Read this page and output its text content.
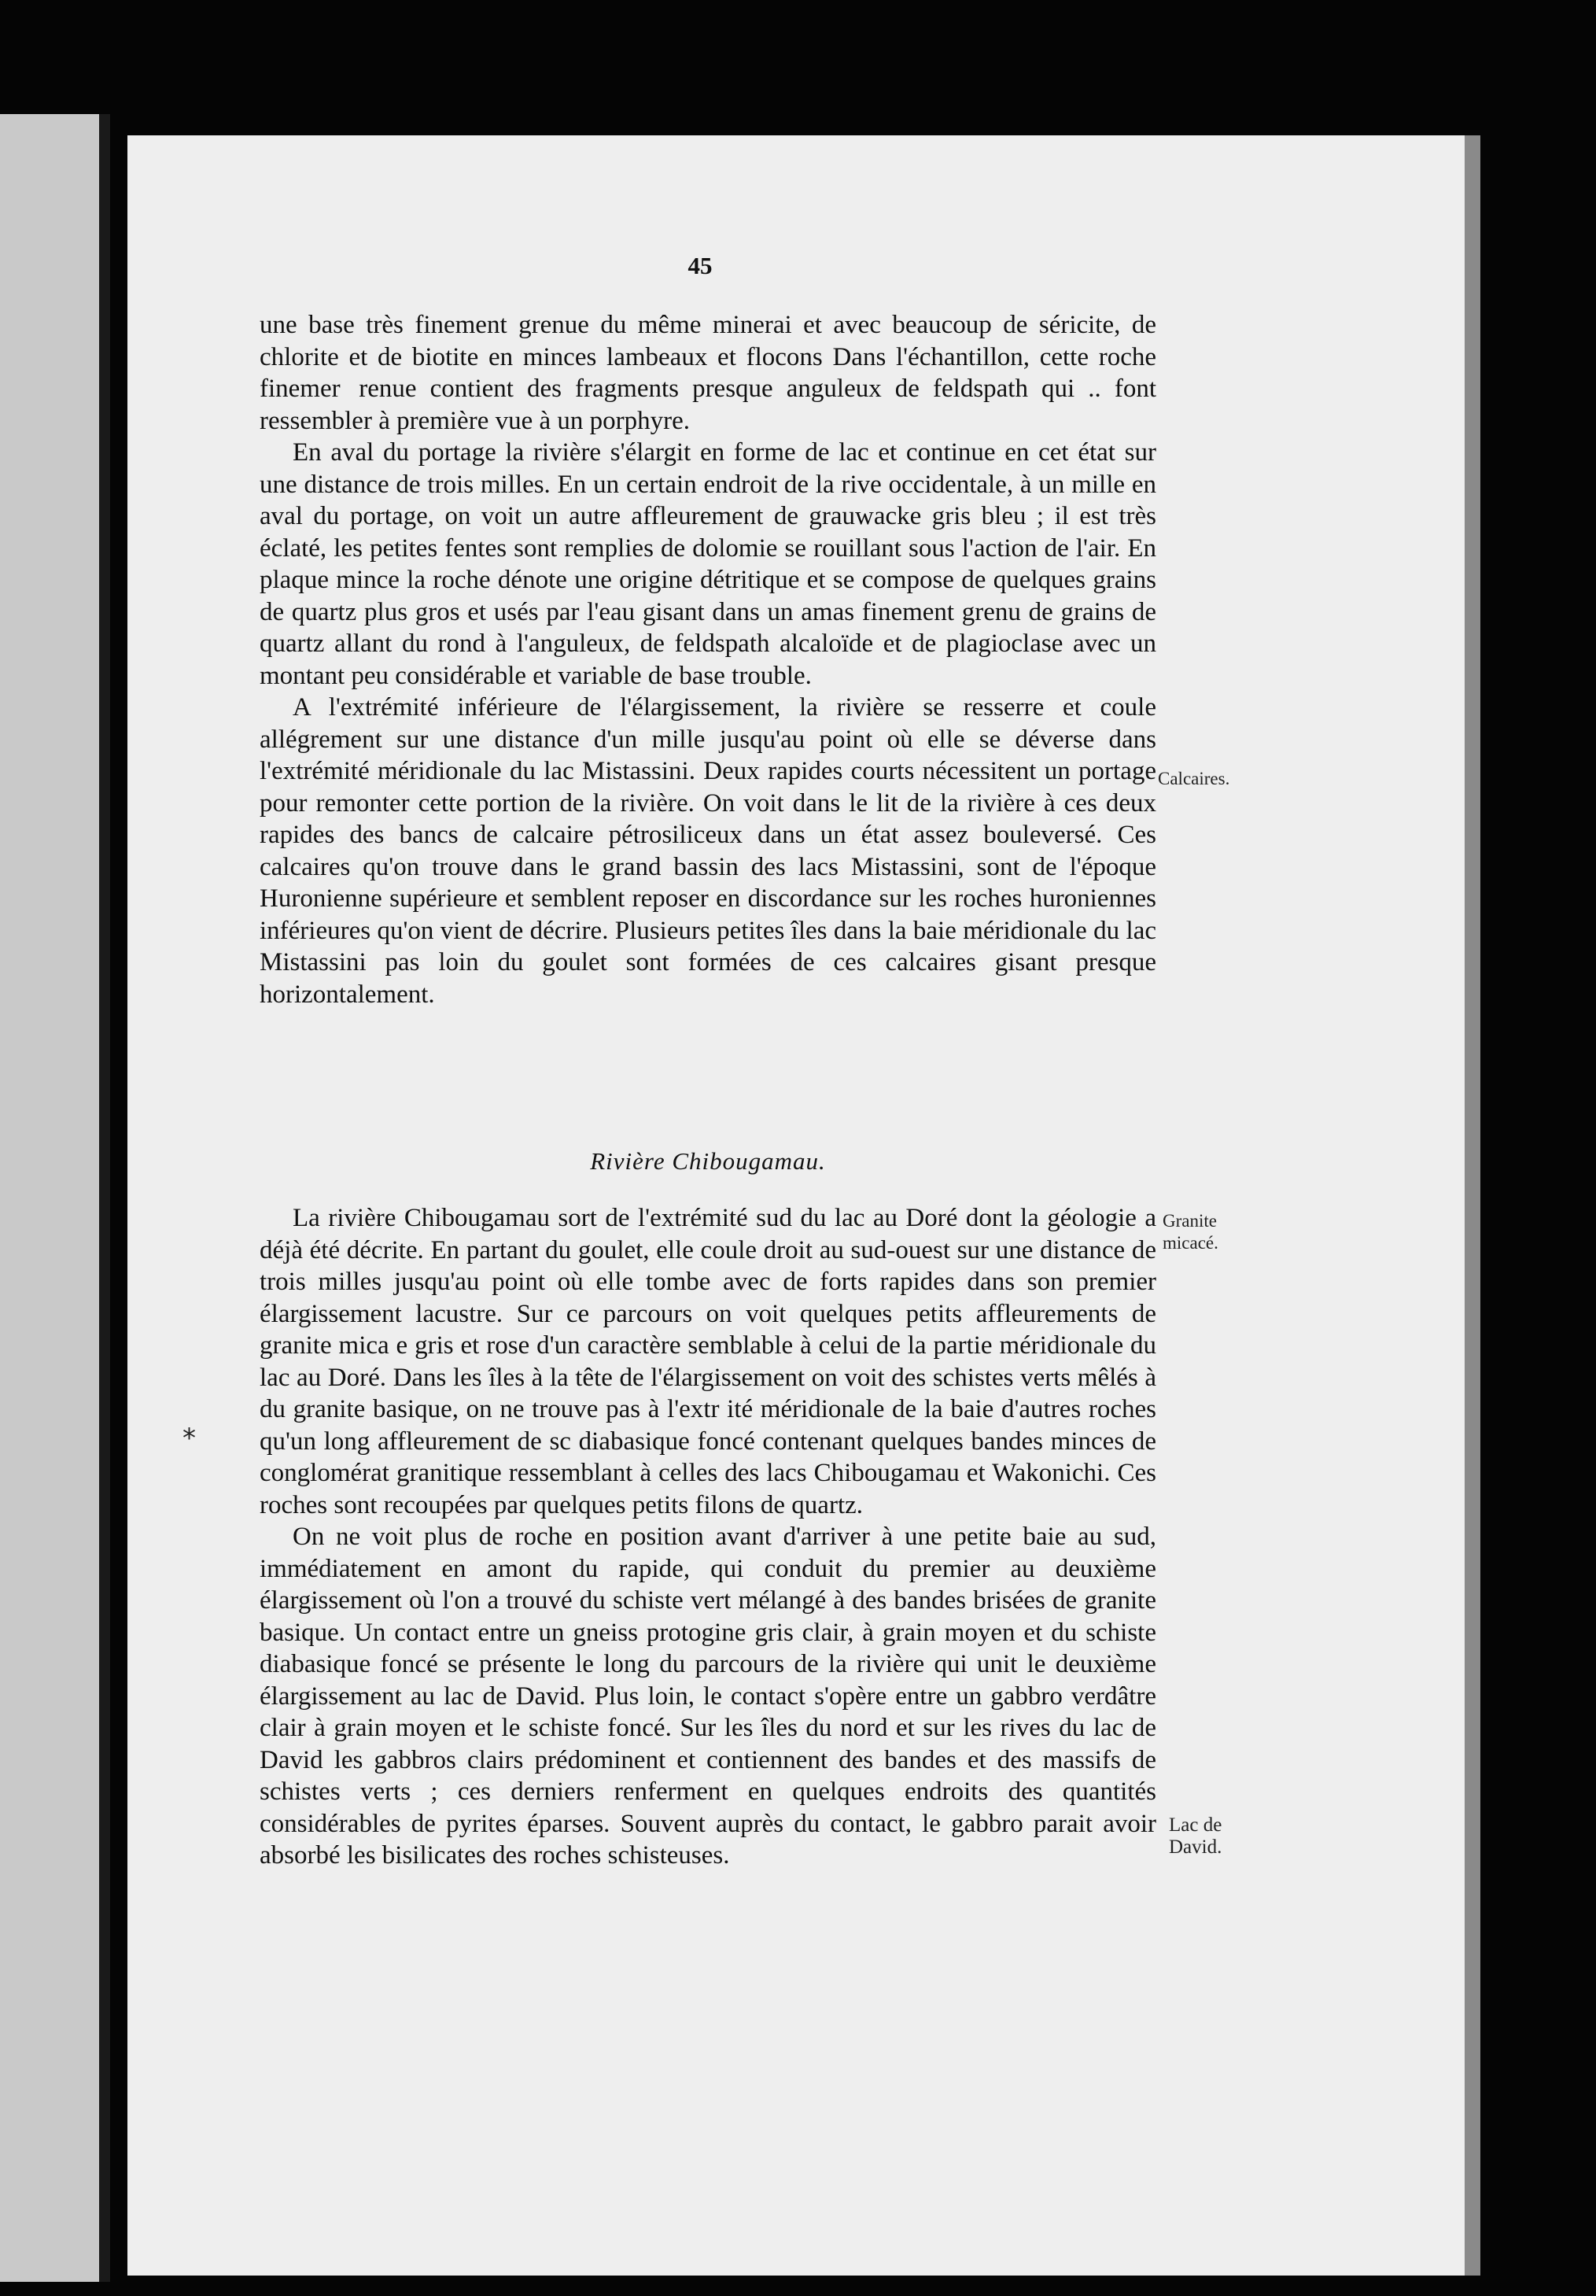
45

une base très finement grenue du même minerai et avec beaucoup de séricite, de chlorite et de biotite en minces lambeaux et flocons Dans l'échantillon, cette roche finemer  renue contient des fragments presque anguleux de feldspath qui .. font ressembler à première vue à un porphyre.

En aval du portage la rivière s'élargit en forme de lac et continue en cet état sur une distance de trois milles. En un certain endroit de la rive occidentale, à un mille en aval du portage, on voit un autre affleurement de grauwacke gris bleu ; il est très éclaté, les petites fentes sont remplies de dolomie se rouillant sous l'action de l'air. En plaque mince la roche dénote une origine détritique et se compose de quelques grains de quartz plus gros et usés par l'eau gisant dans un amas finement grenu de grains de quartz allant du rond à l'anguleux, de feldspath alcaloïde et de plagioclase avec un montant peu considérable et variable de base trouble.

A l'extrémité inférieure de l'élargissement, la rivière se resserre et coule allégrement sur une distance d'un mille jusqu'au point où elle se déverse dans l'extrémité méridionale du lac Mistassini. Deux rapides courts nécessitent un portage pour remonter cette portion de la rivière. On voit dans le lit de la rivière à ces deux rapides des bancs de calcaire pétrosiliceux dans un état assez bouleversé. Ces calcaires qu'on trouve dans le grand bassin des lacs Mistassini, sont de l'époque Huronienne supérieure et semblent reposer en discordance sur les roches huroniennes inférieures qu'on vient de décrire. Plusieurs petites îles dans la baie méridionale du lac Mistassini pas loin du goulet sont formées de ces calcaires gisant presque horizontalement.

Rivière Chibougamau.

La rivière Chibougamau sort de l'extrémité sud du lac au Doré dont la géologie a déjà été décrite. En partant du goulet, elle coule droit au sud-ouest sur une distance de trois milles jusqu'au point où elle tombe avec de forts rapides dans son premier élargissement lacustre. Sur ce parcours on voit quelques petits affleurements de granite mica e gris et rose d'un caractère semblable à celui de la partie méridionale du lac au Doré. Dans les îles à la tête de l'élargissement on voit des schistes verts mêlés à du granite basique, on ne trouve pas à l'extr ité méridionale de la baie d'autres roches qu'un long affleurement de sc diabasique foncé contenant quelques bandes minces de conglomérat granitique ressemblant à celles des lacs Chibougamau et Wakonichi. Ces roches sont recoupées par quelques petits filons de quartz.

On ne voit plus de roche en position avant d'arriver à une petite baie au sud, immédiatement en amont du rapide, qui conduit du premier au deuxième élargissement où l'on a trouvé du schiste vert mélangé à des bandes brisées de granite basique. Un contact entre un gneiss protogine gris clair, à grain moyen et du schiste diabasique foncé se présente le long du parcours de la rivière qui unit le deuxième élargissement au lac de David. Plus loin, le contact s'opère entre un gabbro verdâtre clair à grain moyen et le schiste foncé. Sur les îles du nord et sur les rives du lac de David les gabbros clairs prédominent et contiennent des bandes et des massifs de schistes verts ; ces derniers renferment en quelques endroits des quantités considérables de pyrites éparses. Souvent auprès du contact, le gabbro parait avoir absorbé les bisilicates des roches schisteuses.

Calcaires.
Granite
micacé.
Lac de
David.
*
